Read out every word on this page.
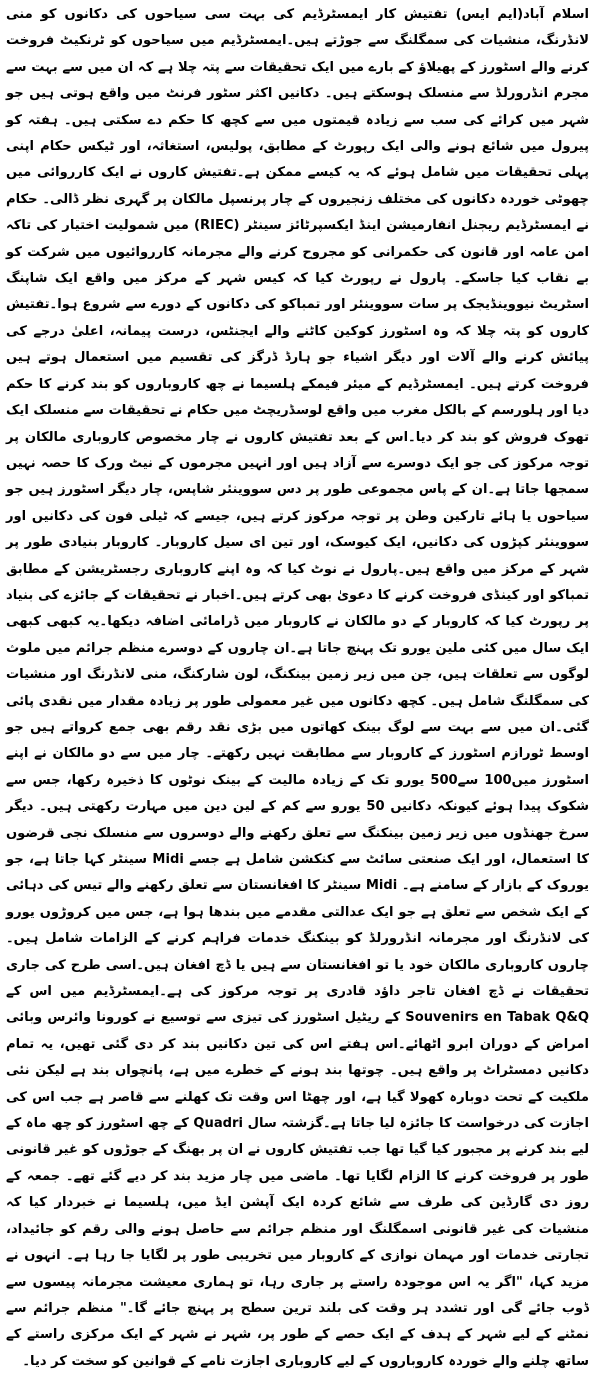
اسلام آباد(ایم ایس) تفتیش کار ایمسٹرڈیم کی بہت سی سیاحوں کی دکانوں کو منی لانڈرنگ، منشیات کی سمگلنگ سے جوڑتے ہیں۔ایمسٹرڈیم میں سیاحوں کو ٹرنکیٹ فروخت کرنے والے اسٹورز کے پھیلاؤ کے بارے میں ایک تحقیقات سے پتہ چلا ہے کہ ان میں سے بہت سے مجرم انڈرورلڈ سے منسلک ہوسکتے ہیں۔ دکانیں اکثر سٹور فرنٹ میں واقع ہوتی ہیں جو شہر میں کرائے کی سب سے زیادہ قیمتوں میں سے کچھ کا حکم دے سکتی ہیں۔ ہفتہ کو پیرول میں شائع ہونے والی ایک رپورٹ کے مطابق، پولیس، استغاثہ، اور ٹیکس حکام اپنی پہلی تحقیقات میں شامل ہوئے کہ یہ کیسے ممکن ہے۔تفتیش کاروں نے ایک کارروائی میں چھوٹی خوردہ دکانوں کی مختلف زنجیروں کے چار پرنسپل مالکان پر گہری نظر ڈالی۔ حکام نے ایمسٹرڈیم ریجنل انفارمیشن اینڈ ایکسپرٹائز سینٹر (RIEC) میں شمولیت اختیار کی تاکہ امن عامہ اور قانون کی حکمرانی کو مجروح کرنے والے مجرمانہ کارروائیوں میں شرکت کو بے نقاب کیا جاسکے۔ پارول نے رپورٹ کیا کہ کیس شہر کے مرکز میں واقع ایک شاپنگ اسٹریٹ نیووینڈیجک پر سات سووینئر اور تمباکو کی دکانوں کے دورے سے شروع ہوا۔تفتیش کاروں کو پتہ چلا کہ وہ اسٹورز کوکین کاٹنے والے ایجنٹس، درست پیمانہ، اعلیٰ درجے کی پیائش کرنے والے آلات اور دیگر اشیاء جو ہارڈ ڈرگز کی تقسیم میں استعمال ہوتے ہیں فروخت کرتے ہیں۔ ایمسٹرڈیم کے میئر فیمکے ہلسیما نے چھ کاروباروں کو بند کرنے کا حکم دیا اور ہلورسم کے بالکل مغرب میں واقع لوسڈریچٹ میں حکام نے تحقیقات سے منسلک ایک تھوک فروش کو بند کر دیا۔اس کے بعد تفتیش کاروں نے چار مخصوص کاروباری مالکان پر توجہ مرکوز کی جو ایک دوسرے سے آزاد ہیں اور انہیں مجرموں کے نیٹ ورک کا حصہ نہیں سمجھا جاتا ہے۔ان کے پاس مجموعی طور پر دس سووینئر شاپس، چار دیگر اسٹورز ہیں جو سیاحوں یا ہائے تارکین وطن پر توجہ مرکوز کرتے ہیں، جیسے کہ ٹیلی فون کی دکانیں اور سووینئر کپڑوں کی دکانیں، ایک کیوسک، اور تین ای سیل کاروبار۔ کاروبار بنیادی طور پر شہر کے مرکز میں واقع ہیں۔پارول نے نوٹ کیا کہ وہ اپنے کاروباری رجسٹریشن کے مطابق تمباکو اور کینڈی فروخت کرنے کا دعویٰ بھی کرتے ہیں۔اخبار نے تحقیقات کے جائزے کی بنیاد پر رپورٹ کیا کہ کاروبار کے دو مالکان نے کاروبار میں ڈرامائی اضافہ دیکھا۔یہ کبھی کبھی ایک سال میں کئی ملین یورو تک پہنچ جاتا ہے۔ان چاروں کے دوسرے منظم جرائم میں ملوث لوگوں سے تعلقات ہیں، جن میں زیر زمین بینکنگ، لون شارکنگ، منی لانڈرنگ اور منشیات کی سمگلنگ شامل ہیں۔ کچھ دکانوں میں غیر معمولی طور پر زیادہ مقدار میں نقدی پائی گئی۔ان میں سے بہت سے لوگ بینک کھاتوں میں بڑی نقد رقم بھی جمع کرواتے ہیں جو اوسط ٹورازم اسٹورز کے کاروبار سے مطابقت نہیں رکھتے۔ چار میں سے دو مالکان نے اپنے اسٹورز میں100 سے500 یورو تک کے زیادہ مالیت کے بینک نوٹوں کا ذخیرہ رکھا، جس سے شکوک پیدا ہوئے کیونکہ دکانیں 50 یورو سے کم کے لین دین میں مہارت رکھتی ہیں۔ دیگر سرخ جھنڈوں میں زیر زمین بینکنگ سے تعلق رکھنے والے دوسروں سے منسلک نجی قرضوں کا استعمال، اور ایک صنعتی سائٹ سے کنکشن شامل ہے جسے Midi سینٹر کہا جاتا ہے، جو یوروک کے بازار کے سامنے ہے۔ Midi سینٹر کا افغانستان سے تعلق رکھنے والے تیس کی دہائی کے ایک شخص سے تعلق ہے جو ایک عدالتی مقدمے میں بندھا ہوا ہے، جس میں کروڑوں یورو کی لانڈرنگ اور مجرمانہ انڈرورلڈ کو بینکنگ خدمات فراہم کرنے کے الزامات شامل ہیں۔ چاروں کاروباری مالکان خود یا تو افغانستان سے ہیں یا ڈچ افغان ہیں۔اسی طرح کی جاری تحقیقات نے ڈچ افغان تاجر داؤد قادری پر توجہ مرکوز کی ہے۔ایمسٹرڈیم میں اس کے Souvenirs en Tabak Q&Q کے ریٹیل اسٹورز کی تیزی سے توسیع نے کورونا وائرس وبائی امراض کے دوران ابرو اٹھائے۔اس ہفتے اس کی تین دکانیں بند کر دی گئی تھیں، یہ تمام دکانیں دمسٹراٹ پر واقع ہیں۔ چوتھا بند ہونے کے خطرے میں ہے، پانچواں بند ہے لیکن نئی ملکیت کے تحت دوبارہ کھولا گیا ہے، اور چھٹا اس وقت تک کھلنے سے قاصر ہے جب اس کی اجازت کی درخواست کا جائزہ لیا جاتا ہے۔گزشتہ سال Quadri کے چھ اسٹورز کو چھ ماہ کے لیے بند کرنے پر مجبور کیا گیا تھا جب تفتیش کاروں نے ان پر بھنگ کے جوڑوں کو غیر قانونی طور پر فروخت کرنے کا الزام لگایا تھا۔ ماضی میں چار مزید بند کر دیے گئے تھے۔ جمعہ کے روز دی گارڈین کی طرف سے شائع کردہ ایک آپشن ایڈ میں، ہلسیما نے خبردار کیا کہ منشیات کی غیر قانونی اسمگلنگ اور منظم جرائم سے حاصل ہونے والی رقم کو جائیداد، تجارتی خدمات اور مہمان نوازی کے کاروبار میں تخریبی طور پر لگایا جا رہا ہے۔ انہوں نے مزید کہا، "اگر یہ اس موجودہ راستے پر جاری رہا، تو ہماری معیشت مجرمانہ پیسوں سے ڈوب جائے گی اور تشدد ہر وقت کی بلند ترین سطح پر پہنچ جائے گا۔" منظم جرائم سے نمٹنے کے لیے شہر کے ہدف کے ایک حصے کے طور پر، شہر نے شہر کے ایک مرکزی راستے کے ساتھ چلنے والے خوردہ کاروباروں کے لیے کاروباری اجازت نامے کے قوانین کو سخت کر دیا۔
